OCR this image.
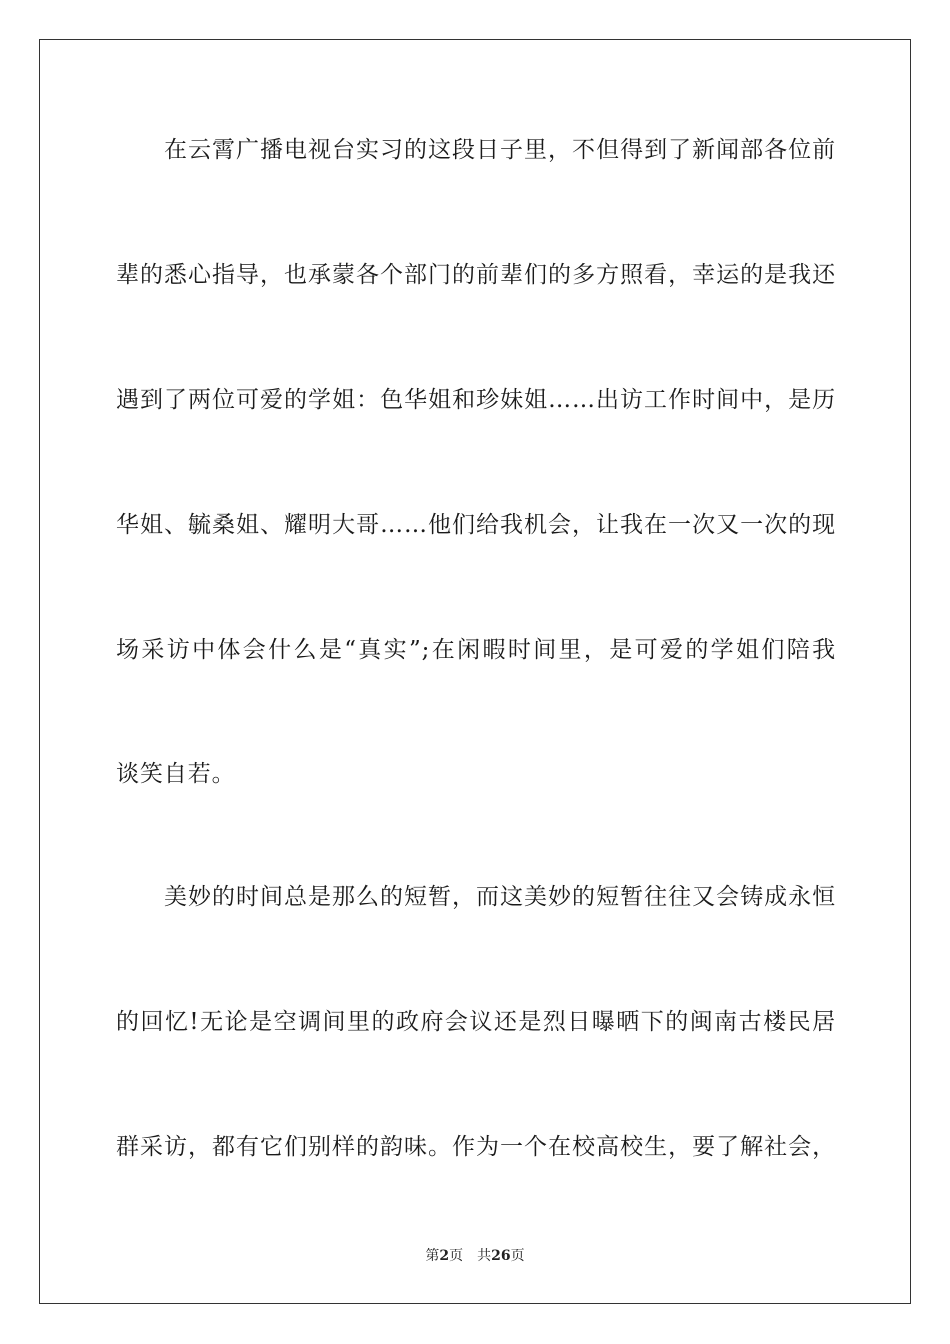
在云霄广播电视台实习的这段日子里，不但得到了新闻部各位前
辈的悉心指导，也承蒙各个部门的前辈们的多方照看，幸运的是我还
遇到了两位可爱的学姐：色华姐和珍妹姐……出访工作时间中，是历
华姐、毓桑姐、耀明大哥……他们给我机会，让我在一次又一次的现
场采访中体会什么是“真实”;在闲暇时间里，是可爱的学姐们陪我
谈笑自若。
美妙的时间总是那么的短暂，而这美妙的短暂往往又会铸成永恒
的回忆!无论是空调间里的政府会议还是烈日曝晒下的闽南古楼民居
群采访，都有它们别样的韵味。作为一个在校高校生，要了解社会，
第2页 共26页
